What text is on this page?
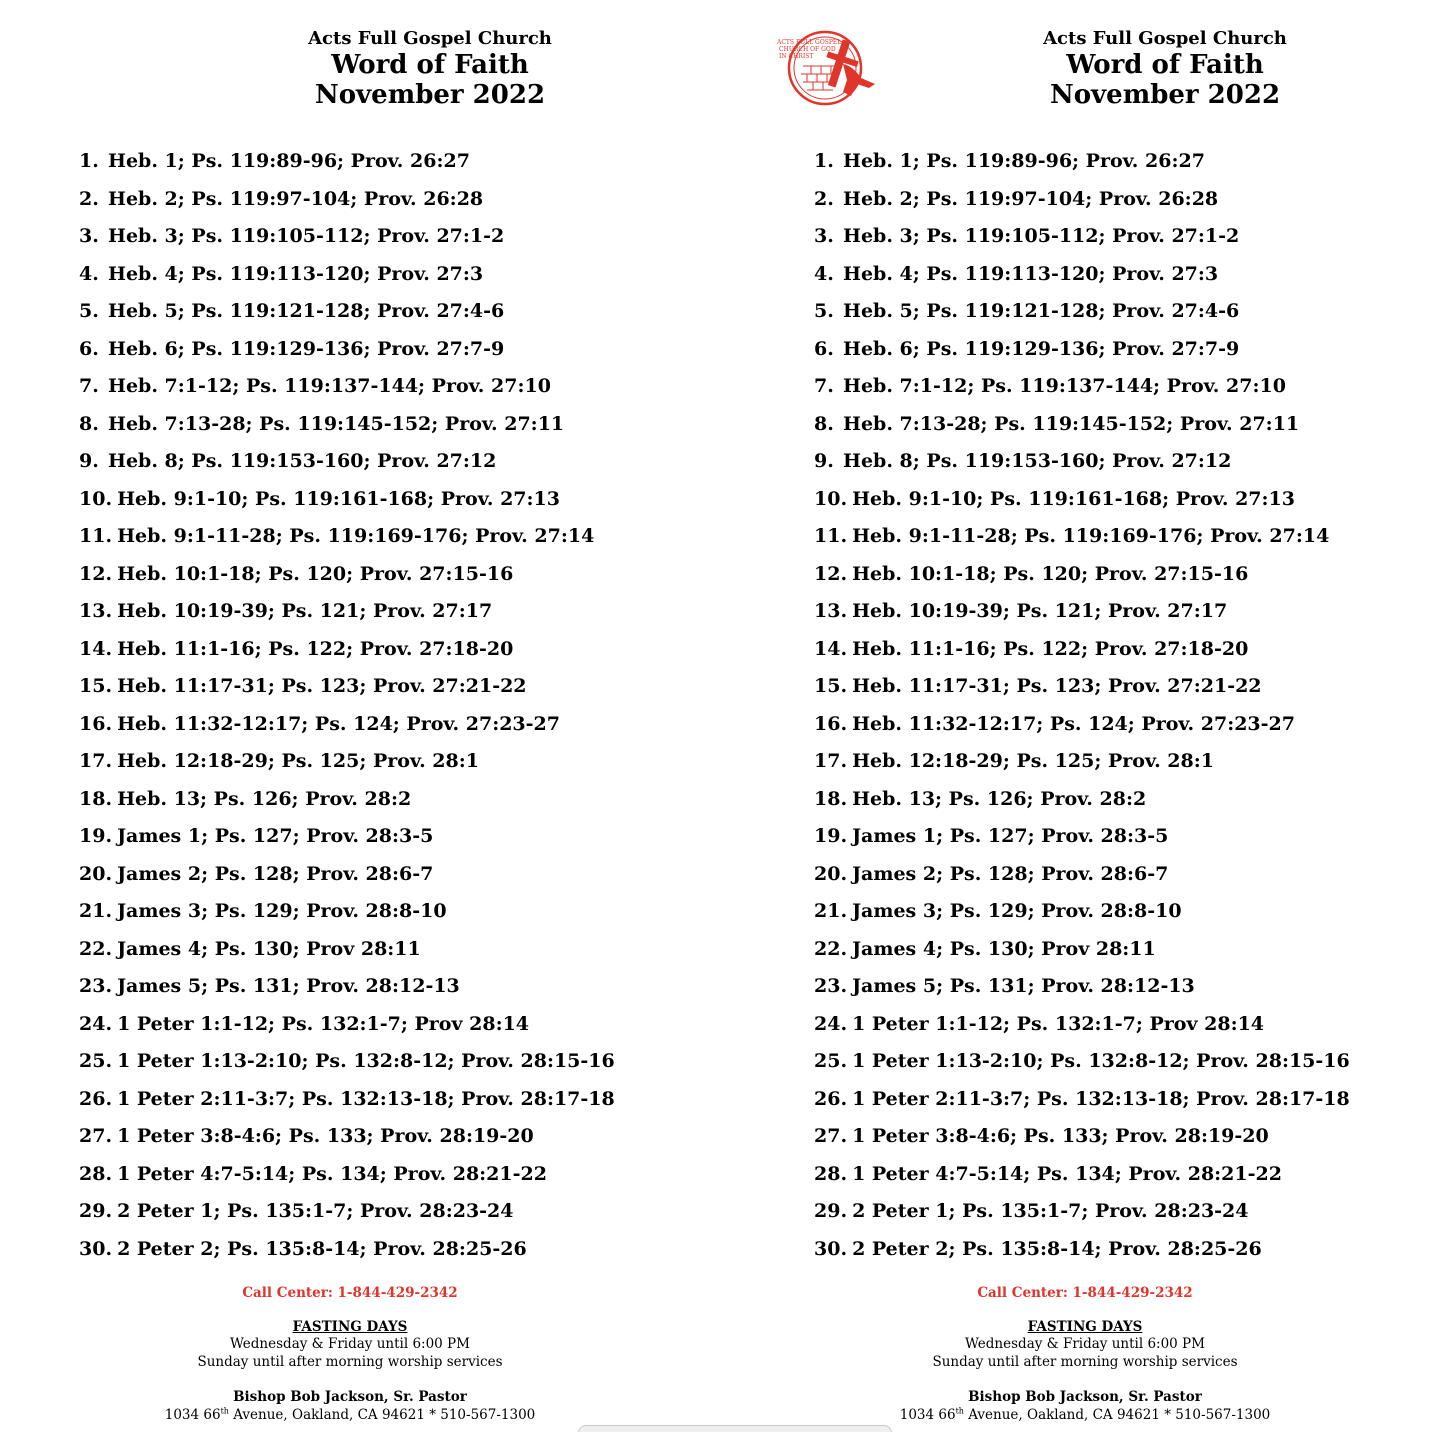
Acts Full Gospel Church
Word of Faith
November 2022
1. Heb. 1; Ps. 119:89-96; Prov. 26:27
2. Heb. 2; Ps. 119:97-104; Prov. 26:28
3. Heb. 3; Ps. 119:105-112; Prov. 27:1-2
4. Heb. 4; Ps. 119:113-120; Prov. 27:3
5. Heb. 5; Ps. 119:121-128; Prov. 27:4-6
6. Heb. 6; Ps. 119:129-136; Prov. 27:7-9
7. Heb. 7:1-12; Ps. 119:137-144; Prov. 27:10
8. Heb. 7:13-28; Ps. 119:145-152; Prov. 27:11
9. Heb. 8; Ps. 119:153-160; Prov. 27:12
10. Heb. 9:1-10; Ps. 119:161-168; Prov. 27:13
11. Heb. 9:1-11-28; Ps. 119:169-176; Prov. 27:14
12. Heb. 10:1-18; Ps. 120; Prov. 27:15-16
13. Heb. 10:19-39; Ps. 121; Prov. 27:17
14. Heb. 11:1-16; Ps. 122; Prov. 27:18-20
15. Heb. 11:17-31; Ps. 123; Prov. 27:21-22
16. Heb. 11:32-12:17; Ps. 124; Prov. 27:23-27
17. Heb. 12:18-29; Ps. 125; Prov. 28:1
18. Heb. 13; Ps. 126; Prov. 28:2
19. James 1; Ps. 127; Prov. 28:3-5
20. James 2; Ps. 128; Prov. 28:6-7
21. James 3; Ps. 129; Prov. 28:8-10
22. James 4; Ps. 130; Prov 28:11
23. James 5; Ps. 131; Prov. 28:12-13
24. 1 Peter 1:1-12; Ps. 132:1-7; Prov 28:14
25. 1 Peter 1:13-2:10; Ps. 132:8-12; Prov. 28:15-16
26. 1 Peter 2:11-3:7; Ps. 132:13-18; Prov. 28:17-18
27. 1 Peter 3:8-4:6; Ps. 133; Prov. 28:19-20
28. 1 Peter 4:7-5:14; Ps. 134; Prov. 28:21-22
29. 2 Peter 1; Ps. 135:1-7; Prov. 28:23-24
30. 2 Peter 2; Ps. 135:8-14; Prov. 28:25-26
Call Center: 1-844-429-2342
FASTING DAYS
Wednesday & Friday until 6:00 PM
Sunday until after morning worship services
Bishop Bob Jackson, Sr. Pastor
1034 66th Avenue, Oakland, CA 94621 * 510-567-1300
ACTS FULL GOSPEL
CHURCH OF GOD
IN CHRIST
Acts Full Gospel Church
Word of Faith
November 2022
1. Heb. 1; Ps. 119:89-96; Prov. 26:27
2. Heb. 2; Ps. 119:97-104; Prov. 26:28
3. Heb. 3; Ps. 119:105-112; Prov. 27:1-2
4. Heb. 4; Ps. 119:113-120; Prov. 27:3
5. Heb. 5; Ps. 119:121-128; Prov. 27:4-6
6. Heb. 6; Ps. 119:129-136; Prov. 27:7-9
7. Heb. 7:1-12; Ps. 119:137-144; Prov. 27:10
8. Heb. 7:13-28; Ps. 119:145-152; Prov. 27:11
9. Heb. 8; Ps. 119:153-160; Prov. 27:12
10. Heb. 9:1-10; Ps. 119:161-168; Prov. 27:13
11. Heb. 9:1-11-28; Ps. 119:169-176; Prov. 27:14
12. Heb. 10:1-18; Ps. 120; Prov. 27:15-16
13. Heb. 10:19-39; Ps. 121; Prov. 27:17
14. Heb. 11:1-16; Ps. 122; Prov. 27:18-20
15. Heb. 11:17-31; Ps. 123; Prov. 27:21-22
16. Heb. 11:32-12:17; Ps. 124; Prov. 27:23-27
17. Heb. 12:18-29; Ps. 125; Prov. 28:1
18. Heb. 13; Ps. 126; Prov. 28:2
19. James 1; Ps. 127; Prov. 28:3-5
20. James 2; Ps. 128; Prov. 28:6-7
21. James 3; Ps. 129; Prov. 28:8-10
22. James 4; Ps. 130; Prov 28:11
23. James 5; Ps. 131; Prov. 28:12-13
24. 1 Peter 1:1-12; Ps. 132:1-7; Prov 28:14
25. 1 Peter 1:13-2:10; Ps. 132:8-12; Prov. 28:15-16
26. 1 Peter 2:11-3:7; Ps. 132:13-18; Prov. 28:17-18
27. 1 Peter 3:8-4:6; Ps. 133; Prov. 28:19-20
28. 1 Peter 4:7-5:14; Ps. 134; Prov. 28:21-22
29. 2 Peter 1; Ps. 135:1-7; Prov. 28:23-24
30. 2 Peter 2; Ps. 135:8-14; Prov. 28:25-26
Call Center: 1-844-429-2342
FASTING DAYS
Wednesday & Friday until 6:00 PM
Sunday until after morning worship services
Bishop Bob Jackson, Sr. Pastor
1034 66th Avenue, Oakland, CA 94621 * 510-567-1300
